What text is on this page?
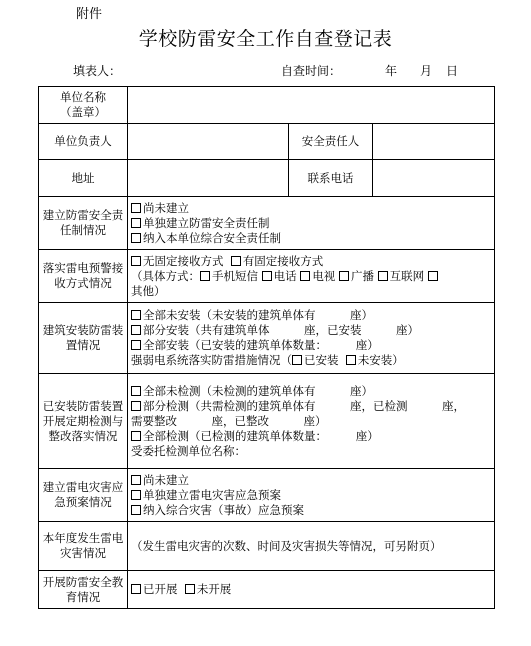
附件
学校防雷安全工作自查登记表
填表人：	自查时间：	年 月 日
单位名称
（盖章）			
单位负责人		安全责任人	
地址		联系电话	
建立防雷安全责任制情况	尚未建立
单独建立防雷安全责任制
纳入本单位综合安全责任制		

落实雷电预警接收方式情况	无固定接收方式 有固定接收方式
（具体方式： 手机短信 电话 电视 广播 互联网
其他）		

建筑安装防雷装置情况	全部未安装（未安装的建筑单体有　　　座）
部分安装（共有建筑单体　　　座，已安装　　　座）
全部安装（已安装的建筑单体数量：　　　座）
强弱电系统落实防雷措施情况（ 已安装 未安装）		

已安装防雷装置开展定期检测与整改落实情况	全部未检测（未检测的建筑单体有　　　座）
部分检测（共需检测的建筑单体有　　　座，已检测　　　座，
需要整改　　　座，已整改　　　座）
全部检测（已检测的建筑单体数量：　　　座）
受委托检测单位名称：		

建立雷电灾害应急预案情况	尚未建立
单独建立雷电灾害应急预案
纳入综合灾害（事故）应急预案		

本年度发生雷电灾害情况	（发生雷电灾害的次数、时间及灾害损失等情况，可另附页）		

开展防雷安全教育情况	已开展 未开展		
